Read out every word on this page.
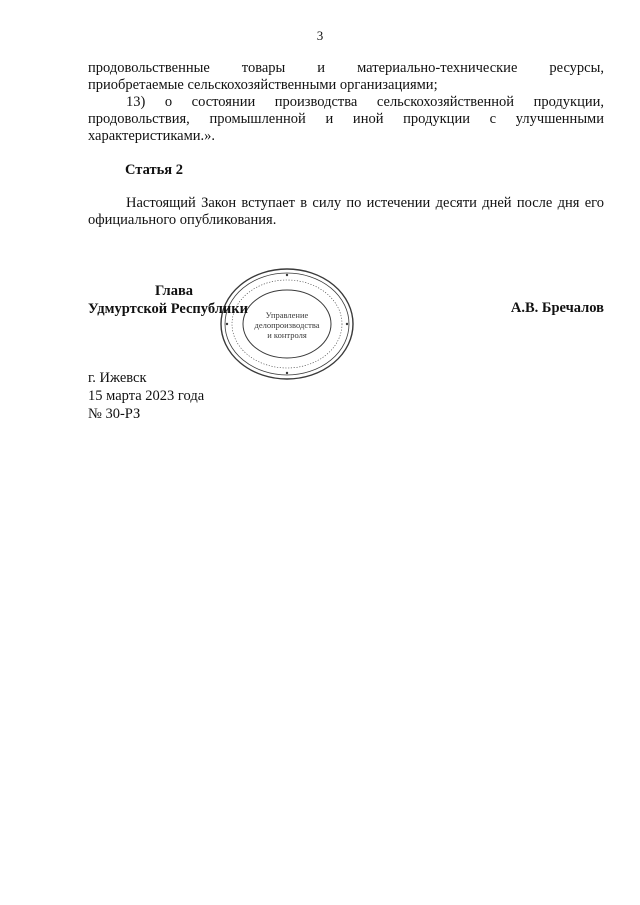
3
продовольственные товары и материально-технические ресурсы,
приобретаемые сельскохозяйственными организациями;
13) о состоянии производства сельскохозяйственной продукции,
продовольствия, промышленной и иной продукции с улучшенными
характеристиками.».
Статья 2
Настоящий Закон вступает в силу по истечении десяти дней после дня его
официального опубликования.
Управление
делопроизводства
и контроля
Глава
Удмуртской Республики	А.В. Бречалов
г. Ижевск
15 марта 2023 года
№ 30-РЗ
